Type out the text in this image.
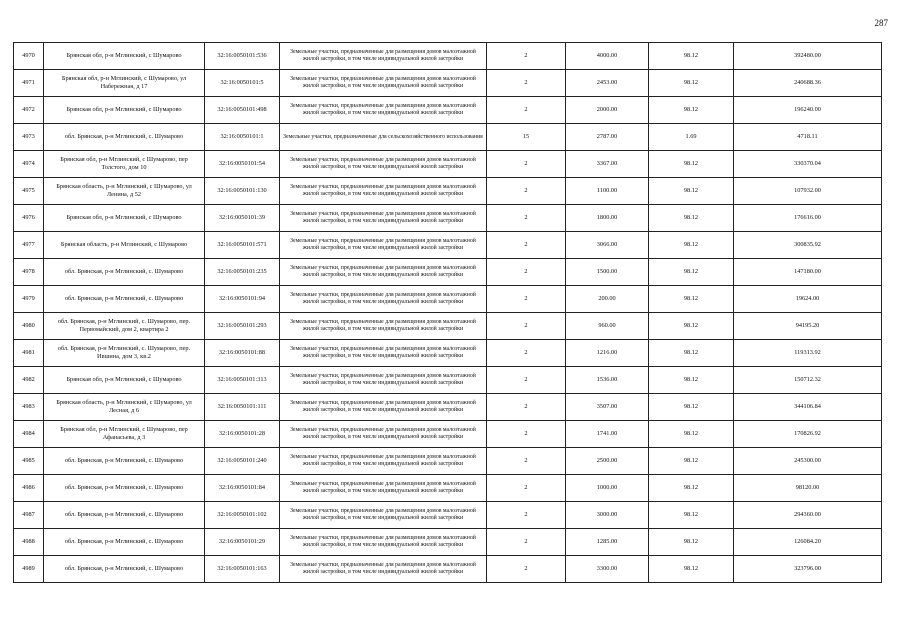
287
4970	Брянская обл, р-н Мглинский, с Шумарово	32:16:0050101:536	Земельные участки, предназначенные для размещения домов малоэтажной жилой застройки, в том числе индивидуальной жилой застройки	2	4000.00	98.12	392480.00
4971	Брянская обл, р-н Мглинский, с Шумарово, ул Набережная, д 17	32:16:0050101:5	Земельные участки, предназначенные для размещения домов малоэтажной жилой застройки, в том числе индивидуальной жилой застройки	2	2453.00	98.12	240688.36
4972	Брянская обл, р-н Мглинский, с Шумарово	32:16:0050101:498	Земельные участки, предназначенные для размещения домов малоэтажной жилой застройки, в том числе индивидуальной жилой застройки	2	2000.00	98.12	196240.00
4973	обл. Брянская, р-н Мглинский, с. Шумарово	32:16:0050101:1	Земельные участки, предназначенные для сельскохозяйственного использования	15	2787.00	1.69	4718.11
4974	Брянская обл, р-н Мглинский, с Шумарово, пер Толстого, дом 10	32:16:0050101:54	Земельные участки, предназначенные для размещения домов малоэтажной жилой застройки, в том числе индивидуальной жилой застройки	2	3367.00	98.12	330370.04
4975	Брянская область, р-н Мглинский, с Шумарово, ул Ленина, д 52	32:16:0050101:130	Земельные участки, предназначенные для размещения домов малоэтажной жилой застройки, в том числе индивидуальной жилой застройки	2	1100.00	98.12	107932.00
4976	Брянская обл, р-н Мглинский, с Шумарово	32:16:0050101:39	Земельные участки, предназначенные для размещения домов малоэтажной жилой застройки, в том числе индивидуальной жилой застройки	2	1800.00	98.12	176616.00
4977	Брянская область, р-н Мглинский, с Шумарово	32:16:0050101:571	Земельные участки, предназначенные для размещения домов малоэтажной жилой застройки, в том числе индивидуальной жилой застройки	2	3066.00	98.12	300835.92
4978	обл. Брянская, р-н Мглинский, с. Шумарово	32:16:0050101:235	Земельные участки, предназначенные для размещения домов малоэтажной жилой застройки, в том числе индивидуальной жилой застройки	2	1500.00	98.12	147180.00
4979	обл. Брянская, р-н Мглинский, с. Шумарово	32:16:0050101:94	Земельные участки, предназначенные для размещения домов малоэтажной жилой застройки, в том числе индивидуальной жилой застройки	2	200.00	98.12	19624.00
4980	обл. Брянская, р-н Мглинский, с. Шумарово, пер. Первомайский, дом 2, квартира 2	32:16:0050101:293	Земельные участки, предназначенные для размещения домов малоэтажной жилой застройки, в том числе индивидуальной жилой застройки	2	960.00	98.12	94195.20
4981	обл. Брянская, р-н Мглинский, с. Шумарово, пер. Ившина, дом 3, кв.2	32:16:0050101:88	Земельные участки, предназначенные для размещения домов малоэтажной жилой застройки, в том числе индивидуальной жилой застройки	2	1216.00	98.12	119313.92
4982	Брянская обл, р-н Мглинский, с Шумарово	32:16:0050101:313	Земельные участки, предназначенные для размещения домов малоэтажной жилой застройки, в том числе индивидуальной жилой застройки	2	1536.00	98.12	150712.32
4983	Брянская область, р-н Мглинский, с Шумарово, ул Лесная, д 6	32:16:0050101:111	Земельные участки, предназначенные для размещения домов малоэтажной жилой застройки, в том числе индивидуальной жилой застройки	2	3507.00	98.12	344106.84
4984	Брянская обл, р-н Мглинский, с Шумарово, пер Афанасьева, д 3	32:16:0050101:28	Земельные участки, предназначенные для размещения домов малоэтажной жилой застройки, в том числе индивидуальной жилой застройки	2	1741.00	98.12	170826.92
4985	обл. Брянская, р-н Мглинский, с. Шумарово	32:16:0050101:240	Земельные участки, предназначенные для размещения домов малоэтажной жилой застройки, в том числе индивидуальной жилой застройки	2	2500.00	98.12	245300.00
4986	обл. Брянская, р-н Мглинский, с. Шумарово	32:16:0050101:84	Земельные участки, предназначенные для размещения домов малоэтажной жилой застройки, в том числе индивидуальной жилой застройки	2	1000.00	98.12	98120.00
4987	обл. Брянская, р-н Мглинский, с. Шумарово	32:16:0050101:102	Земельные участки, предназначенные для размещения домов малоэтажной жилой застройки, в том числе индивидуальной жилой застройки	2	3000.00	98.12	294360.00
4988	обл. Брянская, р-н Мглинский, с. Шумарово	32:16:0050101:29	Земельные участки, предназначенные для размещения домов малоэтажной жилой застройки, в том числе индивидуальной жилой застройки	2	1285.00	98.12	126084.20
4989	обл. Брянская, р-н Мглинский, с. Шумарово	32:16:0050101:163	Земельные участки, предназначенные для размещения домов малоэтажной жилой застройки, в том числе индивидуальной жилой застройки	2	3300.00	98.12	323796.00
